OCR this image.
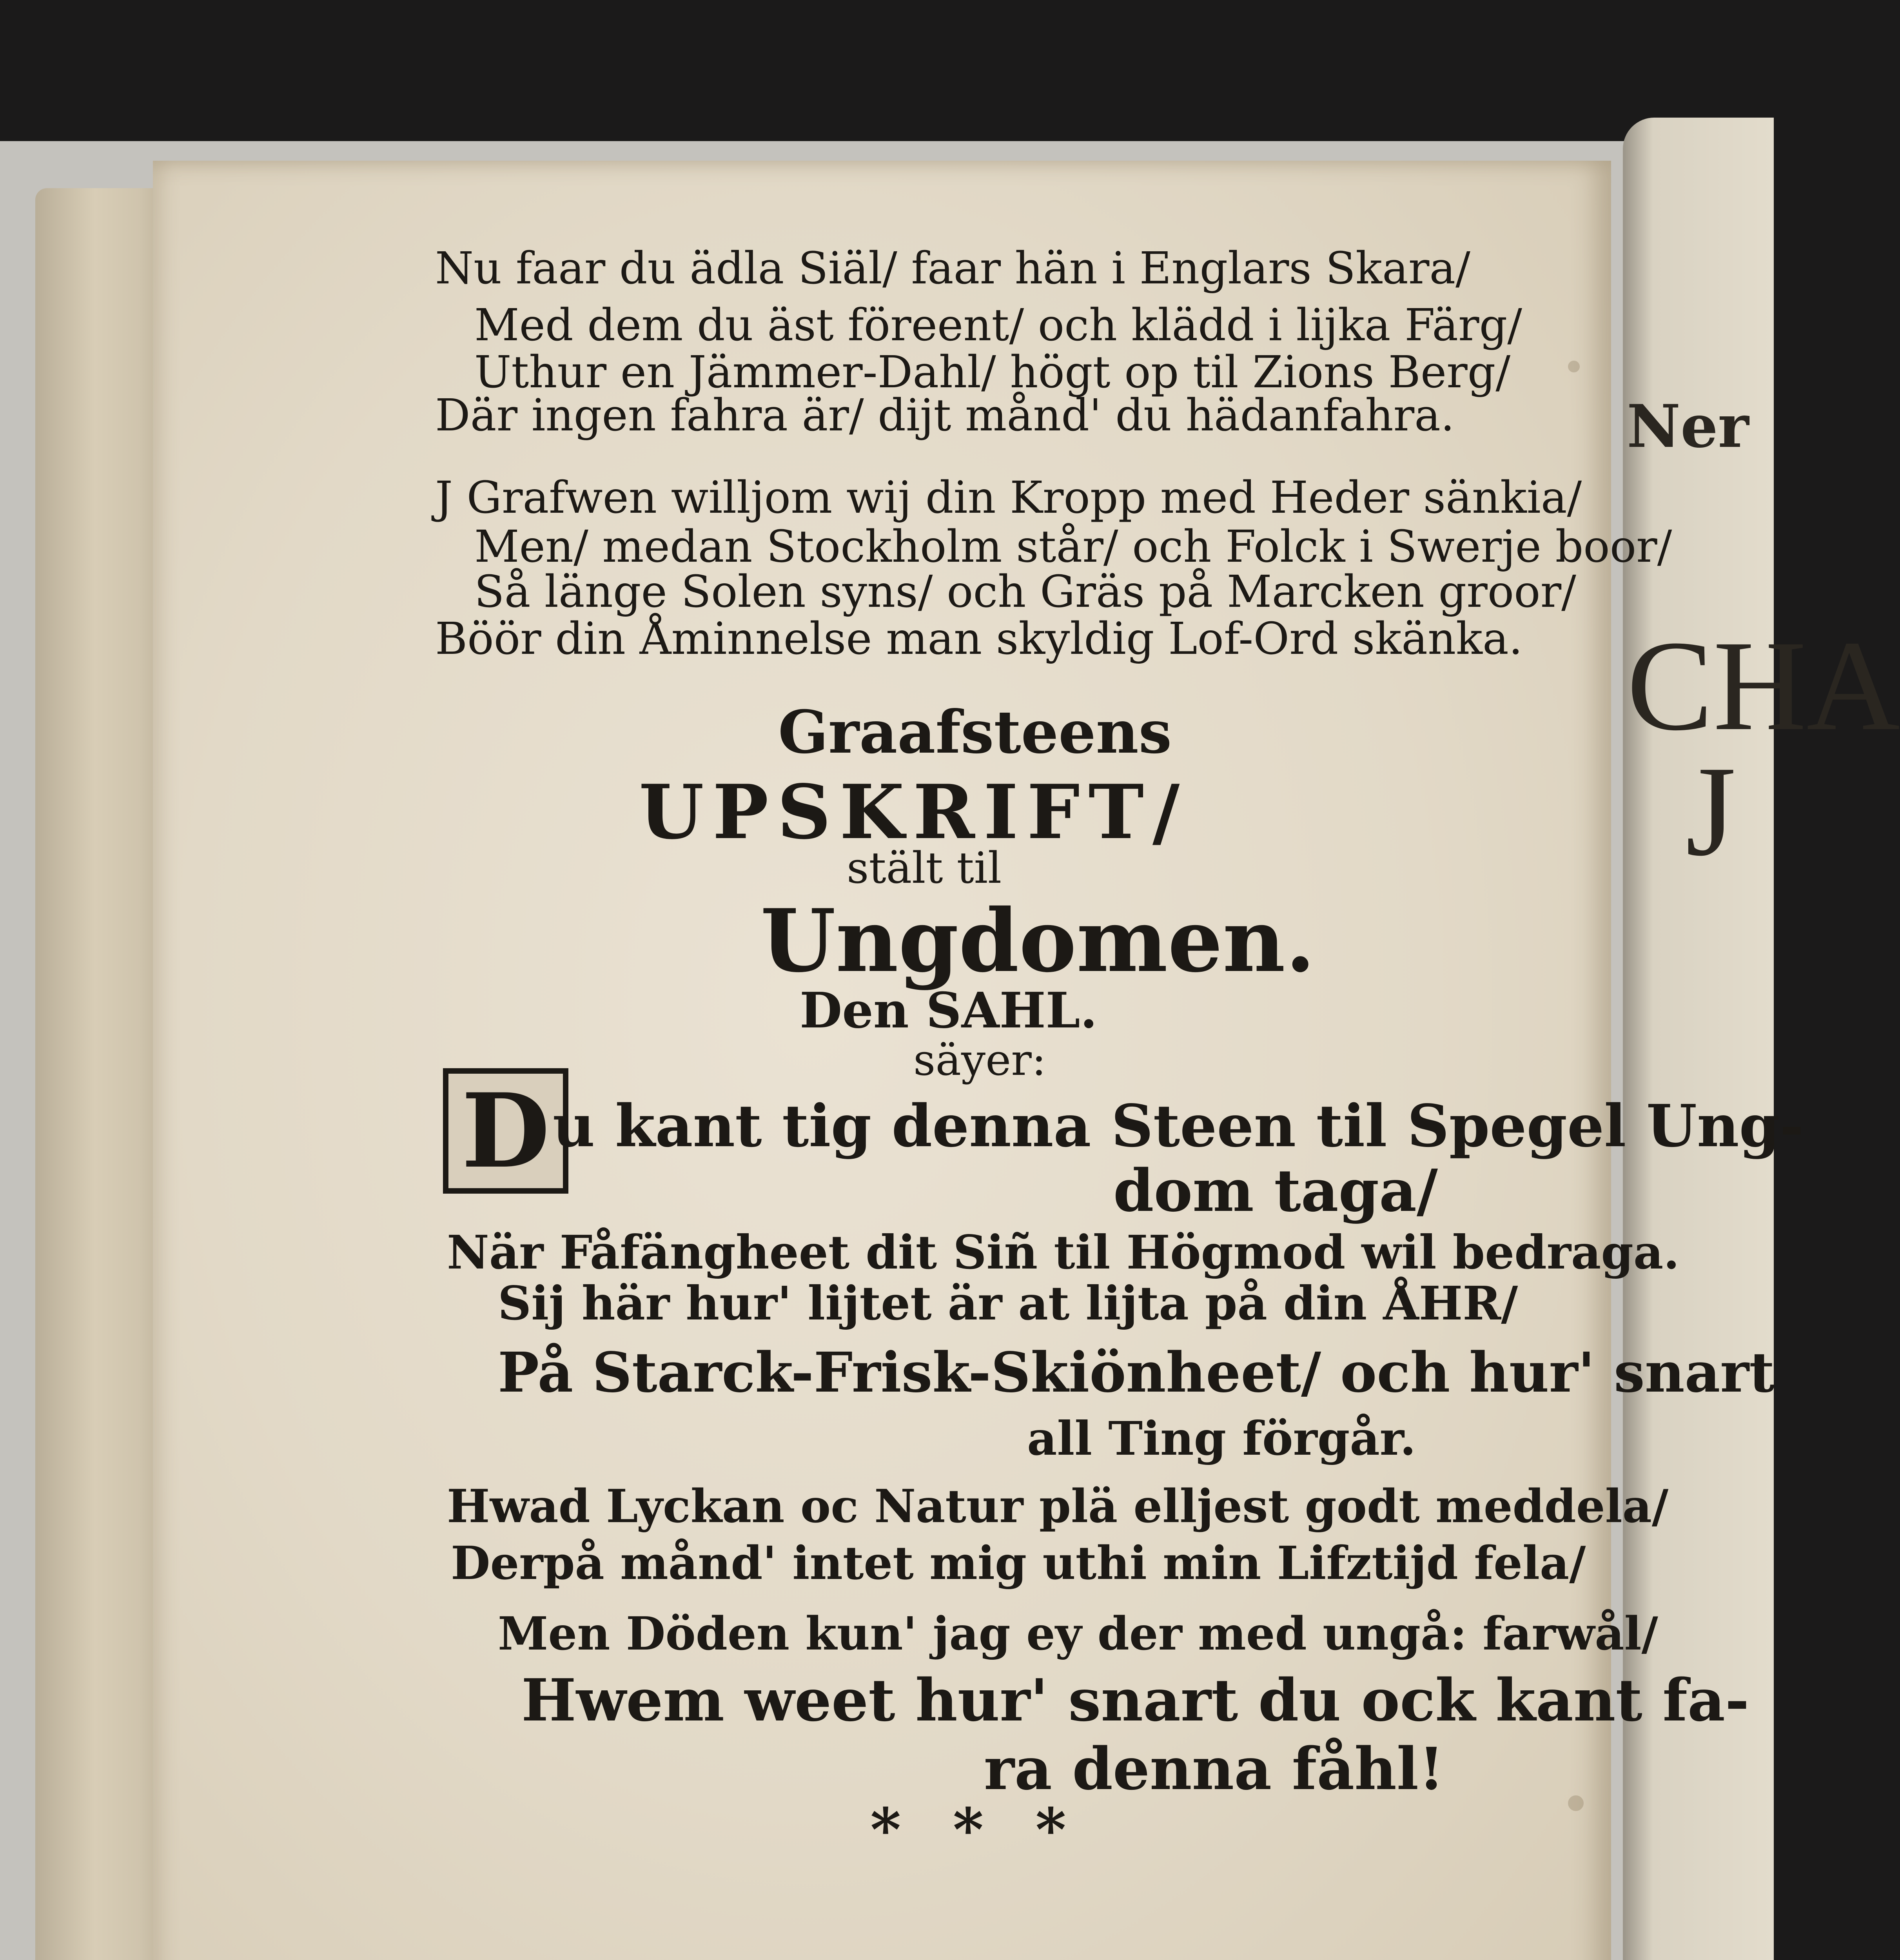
Ner
CHA
J
Nu faar du ädla Siäl/ faar hän i Englars Skara/
Med dem du äst föreent/ och klädd i lijka Färg/
Uthur en Jämmer-Dahl/ högt op til Zions Berg/
Där ingen fahra är/ dijt månd' du hädanfahra.
J Grafwen willjom wij din Kropp med Heder sänkia/
Men/ medan Stockholm står/ och Folck i Swerje boor/
Så länge Solen syns/ och Gräs på Marcken groor/
Böör din Åminnelse man skyldig Lof-Ord skänka.
Graafsteens
UPSKRIFT/
stält til
Ungdomen.
Den SAHL.
säyer:
D u kant tig denna Steen til Spegel Ung-
dom taga/
När Fåfängheet dit Siñ til Högmod wil bedraga.
Sij här hur' lijtet är at lijta på din ÅHR/
På Starck-Frisk-Skiönheet/ och hur' snart
all Ting förgår.
Hwad Lyckan oc Natur plä elljest godt meddela/
Derpå månd' intet mig uthi min Lifztijd fela/
Men Döden kun' jag ey der med ungå: farwål/
Hwem weet hur' snart du ock kant fa-
ra denna fåhl!
* * *
